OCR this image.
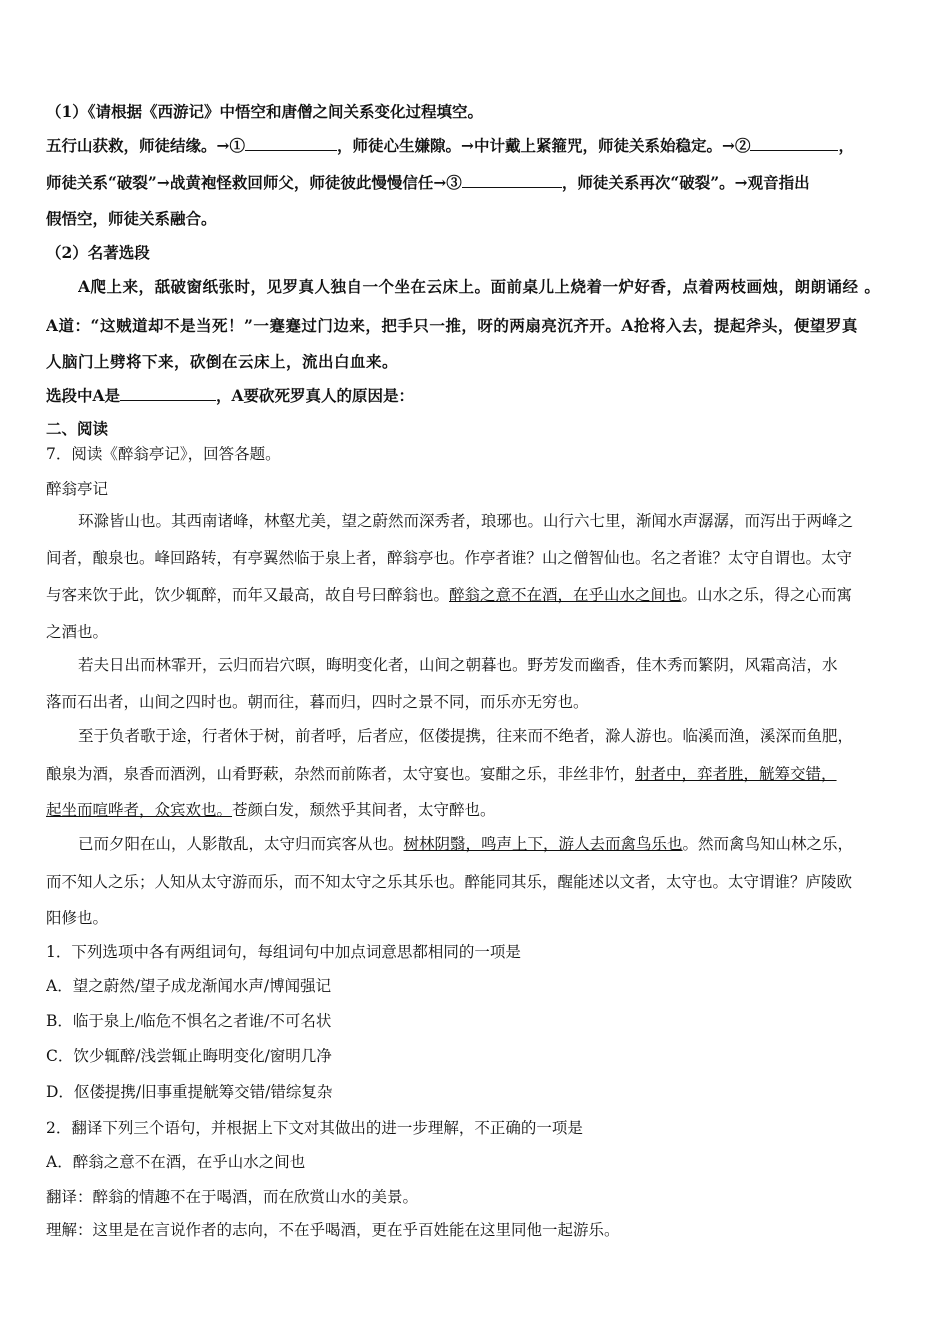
（1）《请根据《西游记》中悟空和唐僧之间关系变化过程填空。
五行山获救，师徒结缘。→①	，师徒心生嫌隙。→中计戴上紧箍咒，师徒关系始稳定。→②	，
师徒关系“破裂”→战黄袍怪救回师父，师徒彼此慢慢信任→③	，师徒关系再次“破裂”。→观音指出
假悟空，师徒关系融合。
（2）名著选段
A爬上来，舐破窗纸张时，见罗真人独自一个坐在云床上。面前桌儿上烧着一炉好香，点着两枝画烛，朗朗诵经 。
A道：“这贼道却不是当死！”一蹇蹇过门边来，把手只一推，呀的两扇亮沉齐开。A抢将入去，提起斧头，便望罗真
人脑门上劈将下来，砍倒在云床上，流出白血来。
选段中A是	，A要砍死罗真人的原因是：
二、阅读
7．阅读《醉翁亭记》，回答各题。
醉翁亭记
环滁皆山也。其西南诸峰，林壑尤美，望之蔚然而深秀者，琅琊也。山行六七里，渐闻水声潺潺，而泻出于两峰之
间者，酿泉也。峰回路转，有亭翼然临于泉上者，醉翁亭也。作亭者谁？山之僧智仙也。名之者谁？太守自谓也。太守
与客来饮于此，饮少辄醉，而年又最高，故自号曰醉翁也。醉翁之意不在酒，在乎山水之间也。山水之乐，得之心而寓
之酒也。
若夫日出而林霏开，云归而岩穴暝，晦明变化者，山间之朝暮也。野芳发而幽香，佳木秀而繁阴，风霜高洁，水
落而石出者，山间之四时也。朝而往，暮而归，四时之景不同，而乐亦无穷也。
至于负者歌于途，行者休于树，前者呼，后者应，伛偻提携，往来而不绝者，滁人游也。临溪而渔，溪深而鱼肥，
酿泉为酒，泉香而酒洌，山肴野蔌，杂然而前陈者，太守宴也。宴酣之乐，非丝非竹，射者中，弈者胜，觥筹交错，
起坐而喧哗者，众宾欢也。苍颜白发，颓然乎其间者，太守醉也。
已而夕阳在山，人影散乱，太守归而宾客从也。树林阴翳，鸣声上下，游人去而禽鸟乐也。然而禽鸟知山林之乐，
而不知人之乐；人知从太守游而乐，而不知太守之乐其乐也。醉能同其乐，醒能述以文者，太守也。太守谓谁？庐陵欧
阳修也。
1．下列选项中各有两组词句，每组词句中加点词意思都相同的一项是
A．望之蔚然/望子成龙渐闻水声/博闻强记
B．临于泉上/临危不惧名之者谁/不可名状
C．饮少辄醉/浅尝辄止晦明变化/窗明几净
D．伛偻提携/旧事重提觥筹交错/错综复杂
2．翻译下列三个语句，并根据上下文对其做出的进一步理解，不正确的一项是
A．醉翁之意不在酒，在乎山水之间也
翻译：醉翁的情趣不在于喝酒，而在欣赏山水的美景。
理解：这里是在言说作者的志向，不在乎喝酒，更在乎百姓能在这里同他一起游乐。
